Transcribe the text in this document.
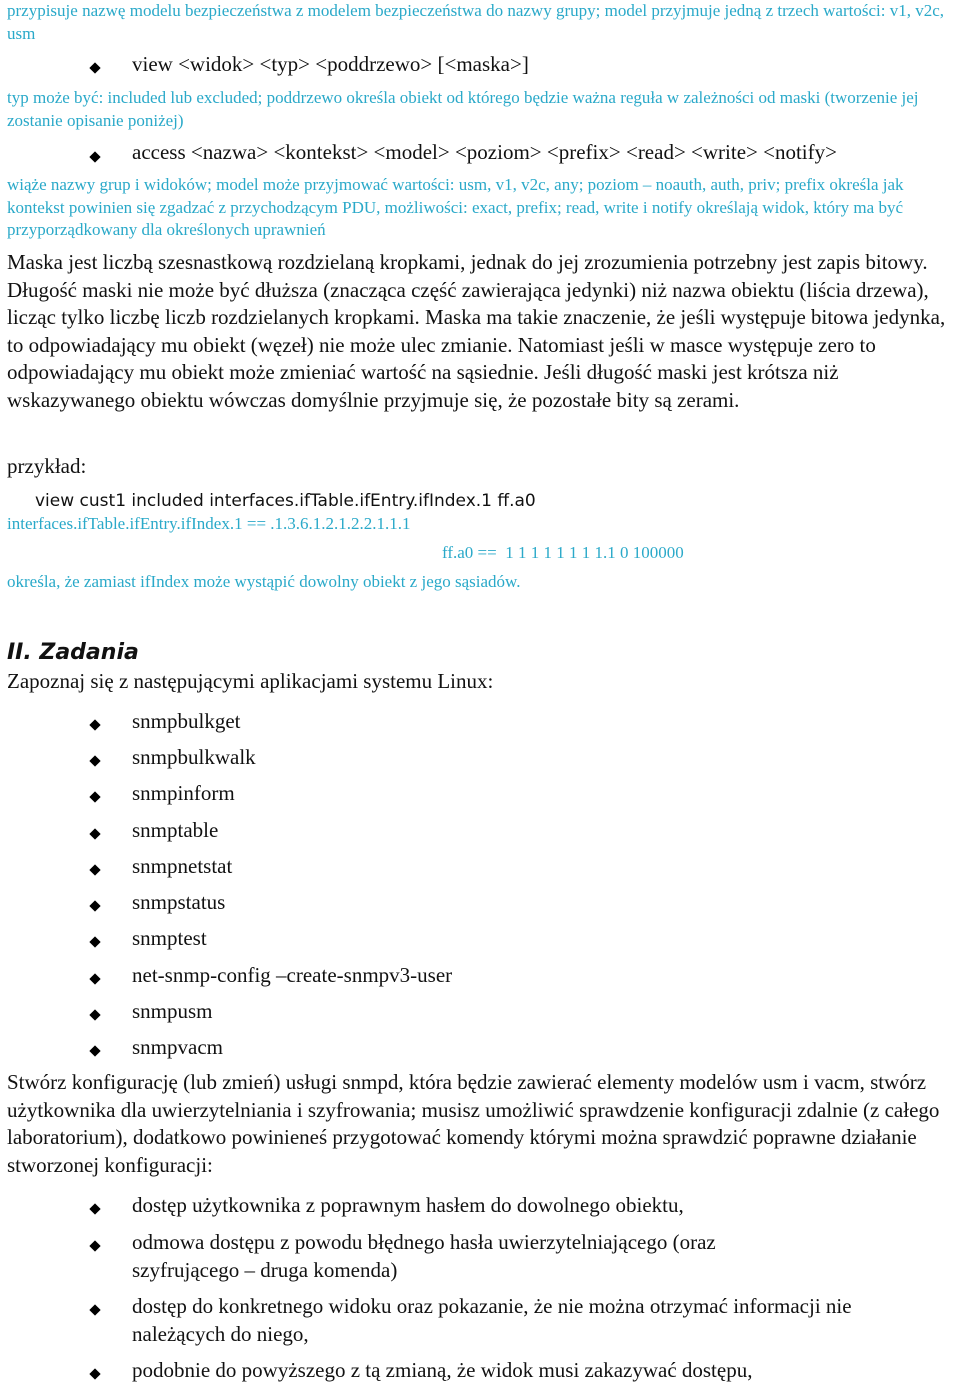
przypisuje nazwę modelu bezpieczeństwa z modelem bezpieczeństwa do nazwy grupy; model przyjmuje jedną z trzech wartości: v1, v2c, usm

view <widok> <typ> <poddrzewo> [<maska>]

typ może być: included lub excluded; poddrzewo określa obiekt od którego będzie ważna reguła w zależności od maski (tworzenie jej zostanie opisanie poniżej)

access <nazwa> <kontekst> <model> <poziom> <prefix> <read> <write> <notify>

wiąże nazwy grup i widoków; model może przyjmować wartości: usm, v1, v2c, any; poziom – noauth, auth, priv; prefix określa jak kontekst powinien się zgadzać z przychodzącym PDU, możliwości: exact, prefix; read, write i notify określają widok, który ma być przyporządkowany dla określonych uprawnień

Maska jest liczbą szesnastkową rozdzielaną kropkami, jednak do jej zrozumienia potrzebny jest zapis bitowy. Długość maski nie może być dłuższa (znacząca część zawierająca jedynki) niż nazwa obiektu (liścia drzewa), licząc tylko liczbę liczb rozdzielanych kropkami. Maska ma takie znaczenie, że jeśli występuje bitowa jedynka, to odpowiadający mu obiekt (węzeł) nie może ulec zmianie. Natomiast jeśli w masce występuje zero to odpowiadający mu obiekt może zmieniać wartość na sąsiednie. Jeśli długość maski jest krótsza niż wskazywanego obiektu wówczas domyślnie przyjmuje się, że pozostałe bity są zerami.

przykład:

view cust1 included interfaces.ifTable.ifEntry.ifIndex.1 ff.a0

interfaces.ifTable.ifEntry.ifIndex.1 == .1.3.6.1.2.1.2.2.1.1.1

ff.a0 ==  1 1 1 1 1 1 1 1.1 0 100000

określa, że zamiast ifIndex może wystąpić dowolny obiekt z jego sąsiadów.

II. Zadania

Zapoznaj się z następującymi aplikacjami systemu Linux:

snmpbulkget

snmpbulkwalk

snmpinform

snmptable

snmpnetstat

snmpstatus

snmptest

net-snmp-config –create-snmpv3-user

snmpusm

snmpvacm

Stwórz konfigurację (lub zmień) usługi snmpd, która będzie zawierać elementy modelów usm i vacm, stwórz użytkownika dla uwierzytelniania i szyfrowania; musisz umożliwić sprawdzenie konfiguracji zdalnie (z całego laboratorium), dodatkowo powinieneś przygotować komendy którymi można sprawdzić poprawne działanie stworzonej konfiguracji:

dostęp użytkownika z poprawnym hasłem do dowolnego obiektu,

odmowa dostępu z powodu błędnego hasła uwierzytelniającego (oraz szyfrującego – druga komenda)

dostęp do konkretnego widoku oraz pokazanie, że nie można otrzymać informacji nie należących do niego,

podobnie do powyższego z tą zmianą, że widok musi zakazywać dostępu,
